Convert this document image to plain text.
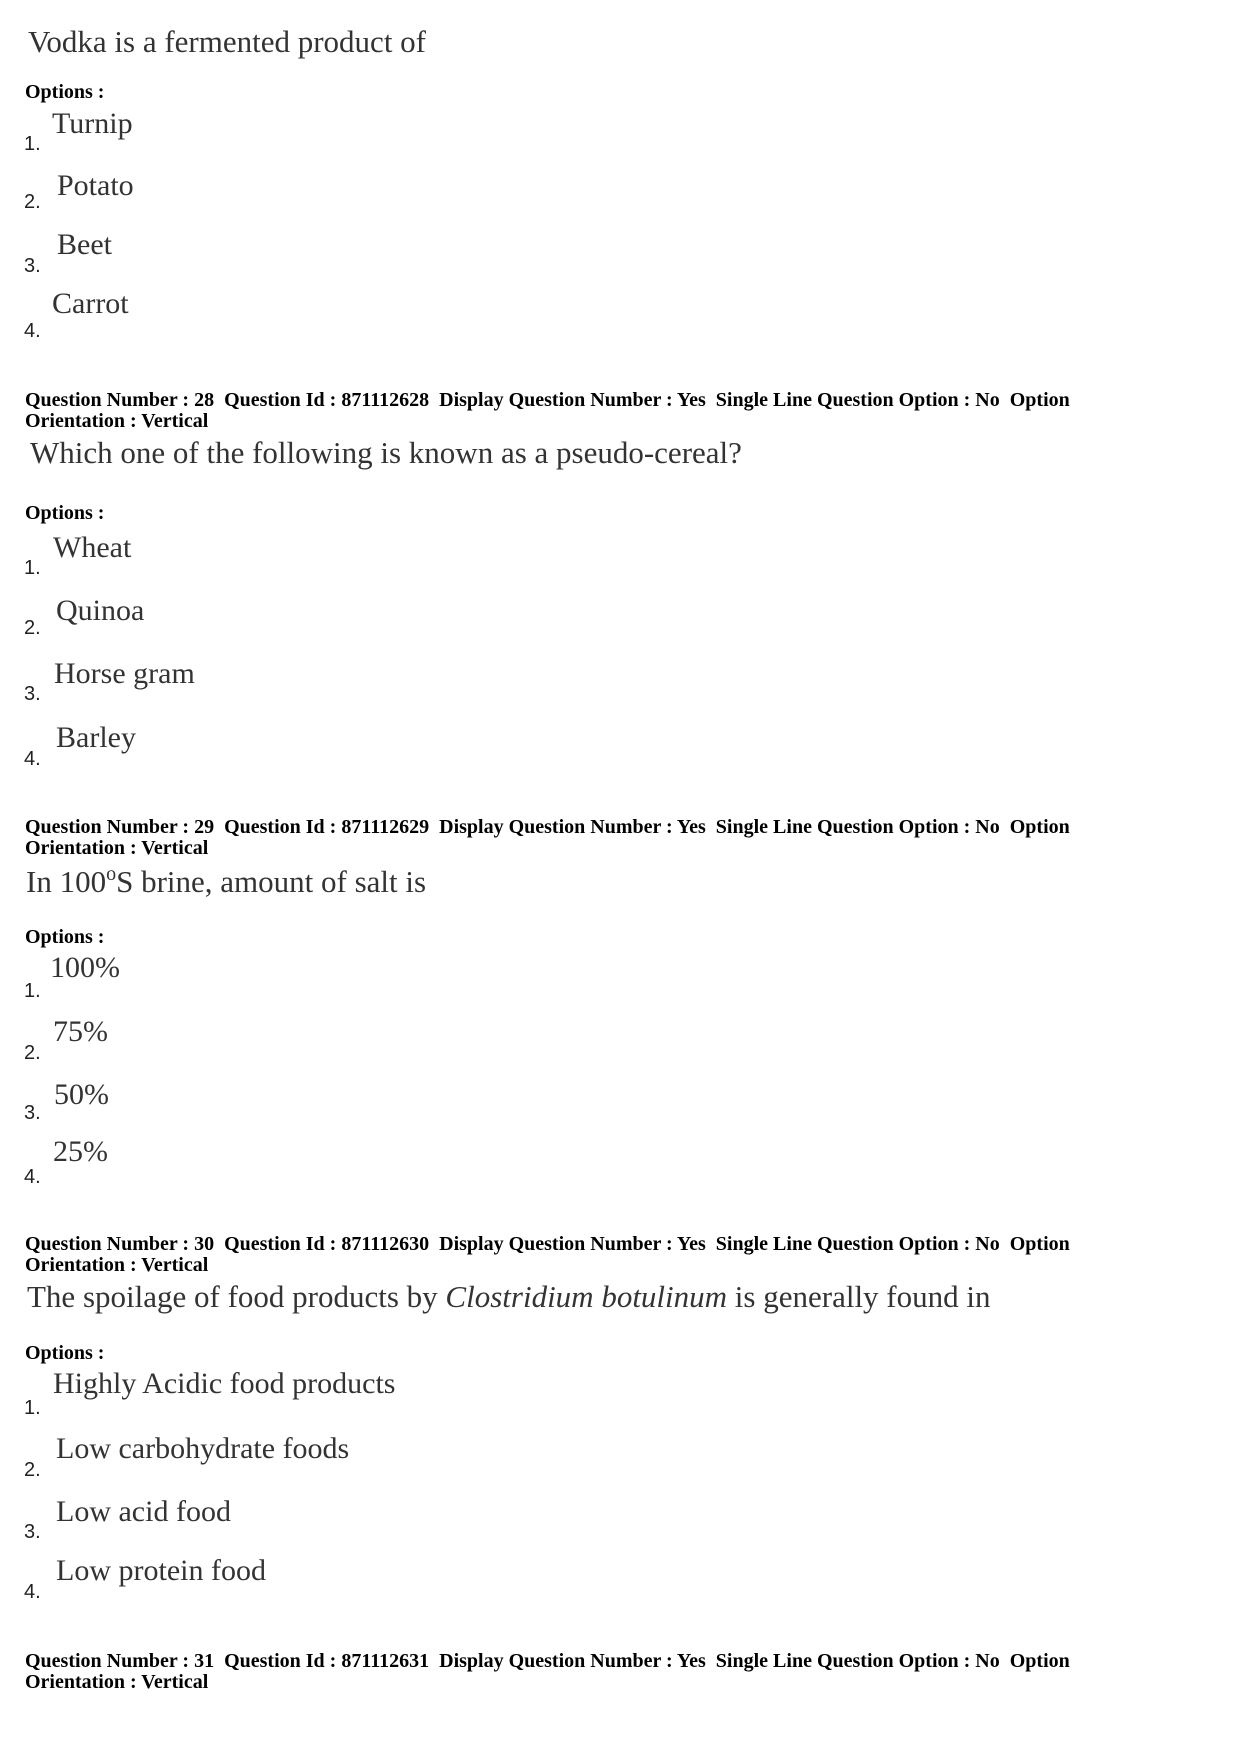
Vodka is a fermented product of
Options :
1.
Turnip
2. Potato
3.
Beet
4.
Carrot
Question Number : 28  Question Id : 871112628  Display Question Number : Yes  Single Line Question Option : No  Option
Orientation : Vertical
Which one of the following is known as a pseudo-cereal?
Options :
1.
Wheat
2.
Quinoa
3.
Horse gram
4.
Barley
Question Number : 29  Question Id : 871112629  Display Question Number : Yes  Single Line Question Option : No  Option
Orientation : Vertical
In 100$^o$S brine, amount of salt is
Options :
1.
100%
2.
75%
3.
50%
4.
25%
Question Number : 30  Question Id : 871112630  Display Question Number : Yes  Single Line Question Option : No  Option
Orientation : Vertical
The spoilage of food products by Clostridium botulinum is generally found in
Options :
1.
Highly Acidic food products
2.
Low carbohydrate foods
3.
Low acid food
4.
Low protein food
Question Number : 31  Question Id : 871112631  Display Question Number : Yes  Single Line Question Option : No  Option
Orientation : Vertical
